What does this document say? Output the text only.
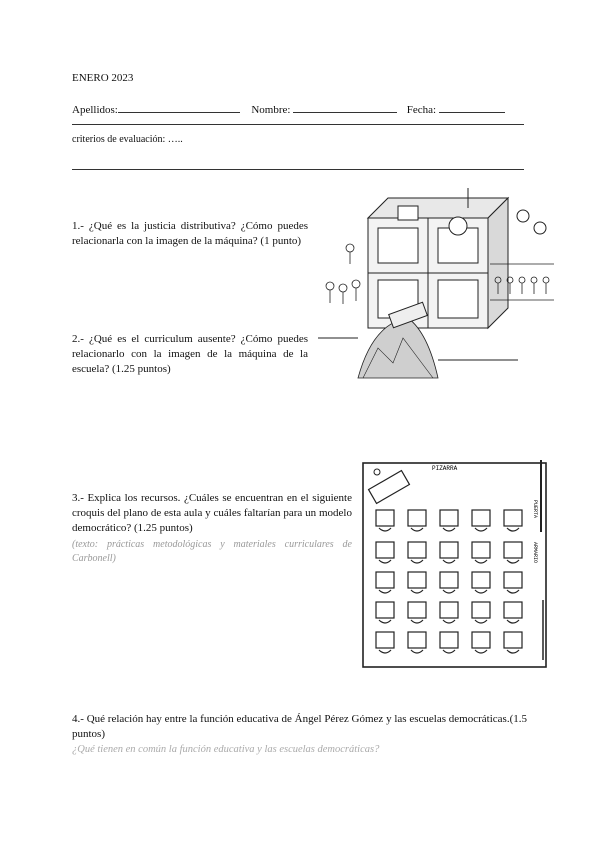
ENERO 2023
Apellidos:	Nombre:	Fecha:
criterios de evaluación: …..
1.- ¿Qué es la justicia distributiva? ¿Cómo puedes relacionarla con la imagen de la máquina? (1 punto)
2.- ¿Qué es el curriculum ausente? ¿Cómo puedes relacionarlo con la imagen de la máquina de la escuela? (1.25 puntos)
3.- Explica los recursos. ¿Cuáles se encuentran en el siguiente croquis del plano de esta aula y cuáles faltarían para un modelo democrático? (1.25 puntos)
(texto: prácticas metodológicas y materiales curriculares de Carbonell)
PIZARRA
PUERTA
ARMARIO
4.- Qué relación hay entre la función educativa de Ángel Pérez Gómez y las escuelas democráticas.(1.5 puntos)
¿Qué tienen en común la función educativa y las escuelas democráticas?
